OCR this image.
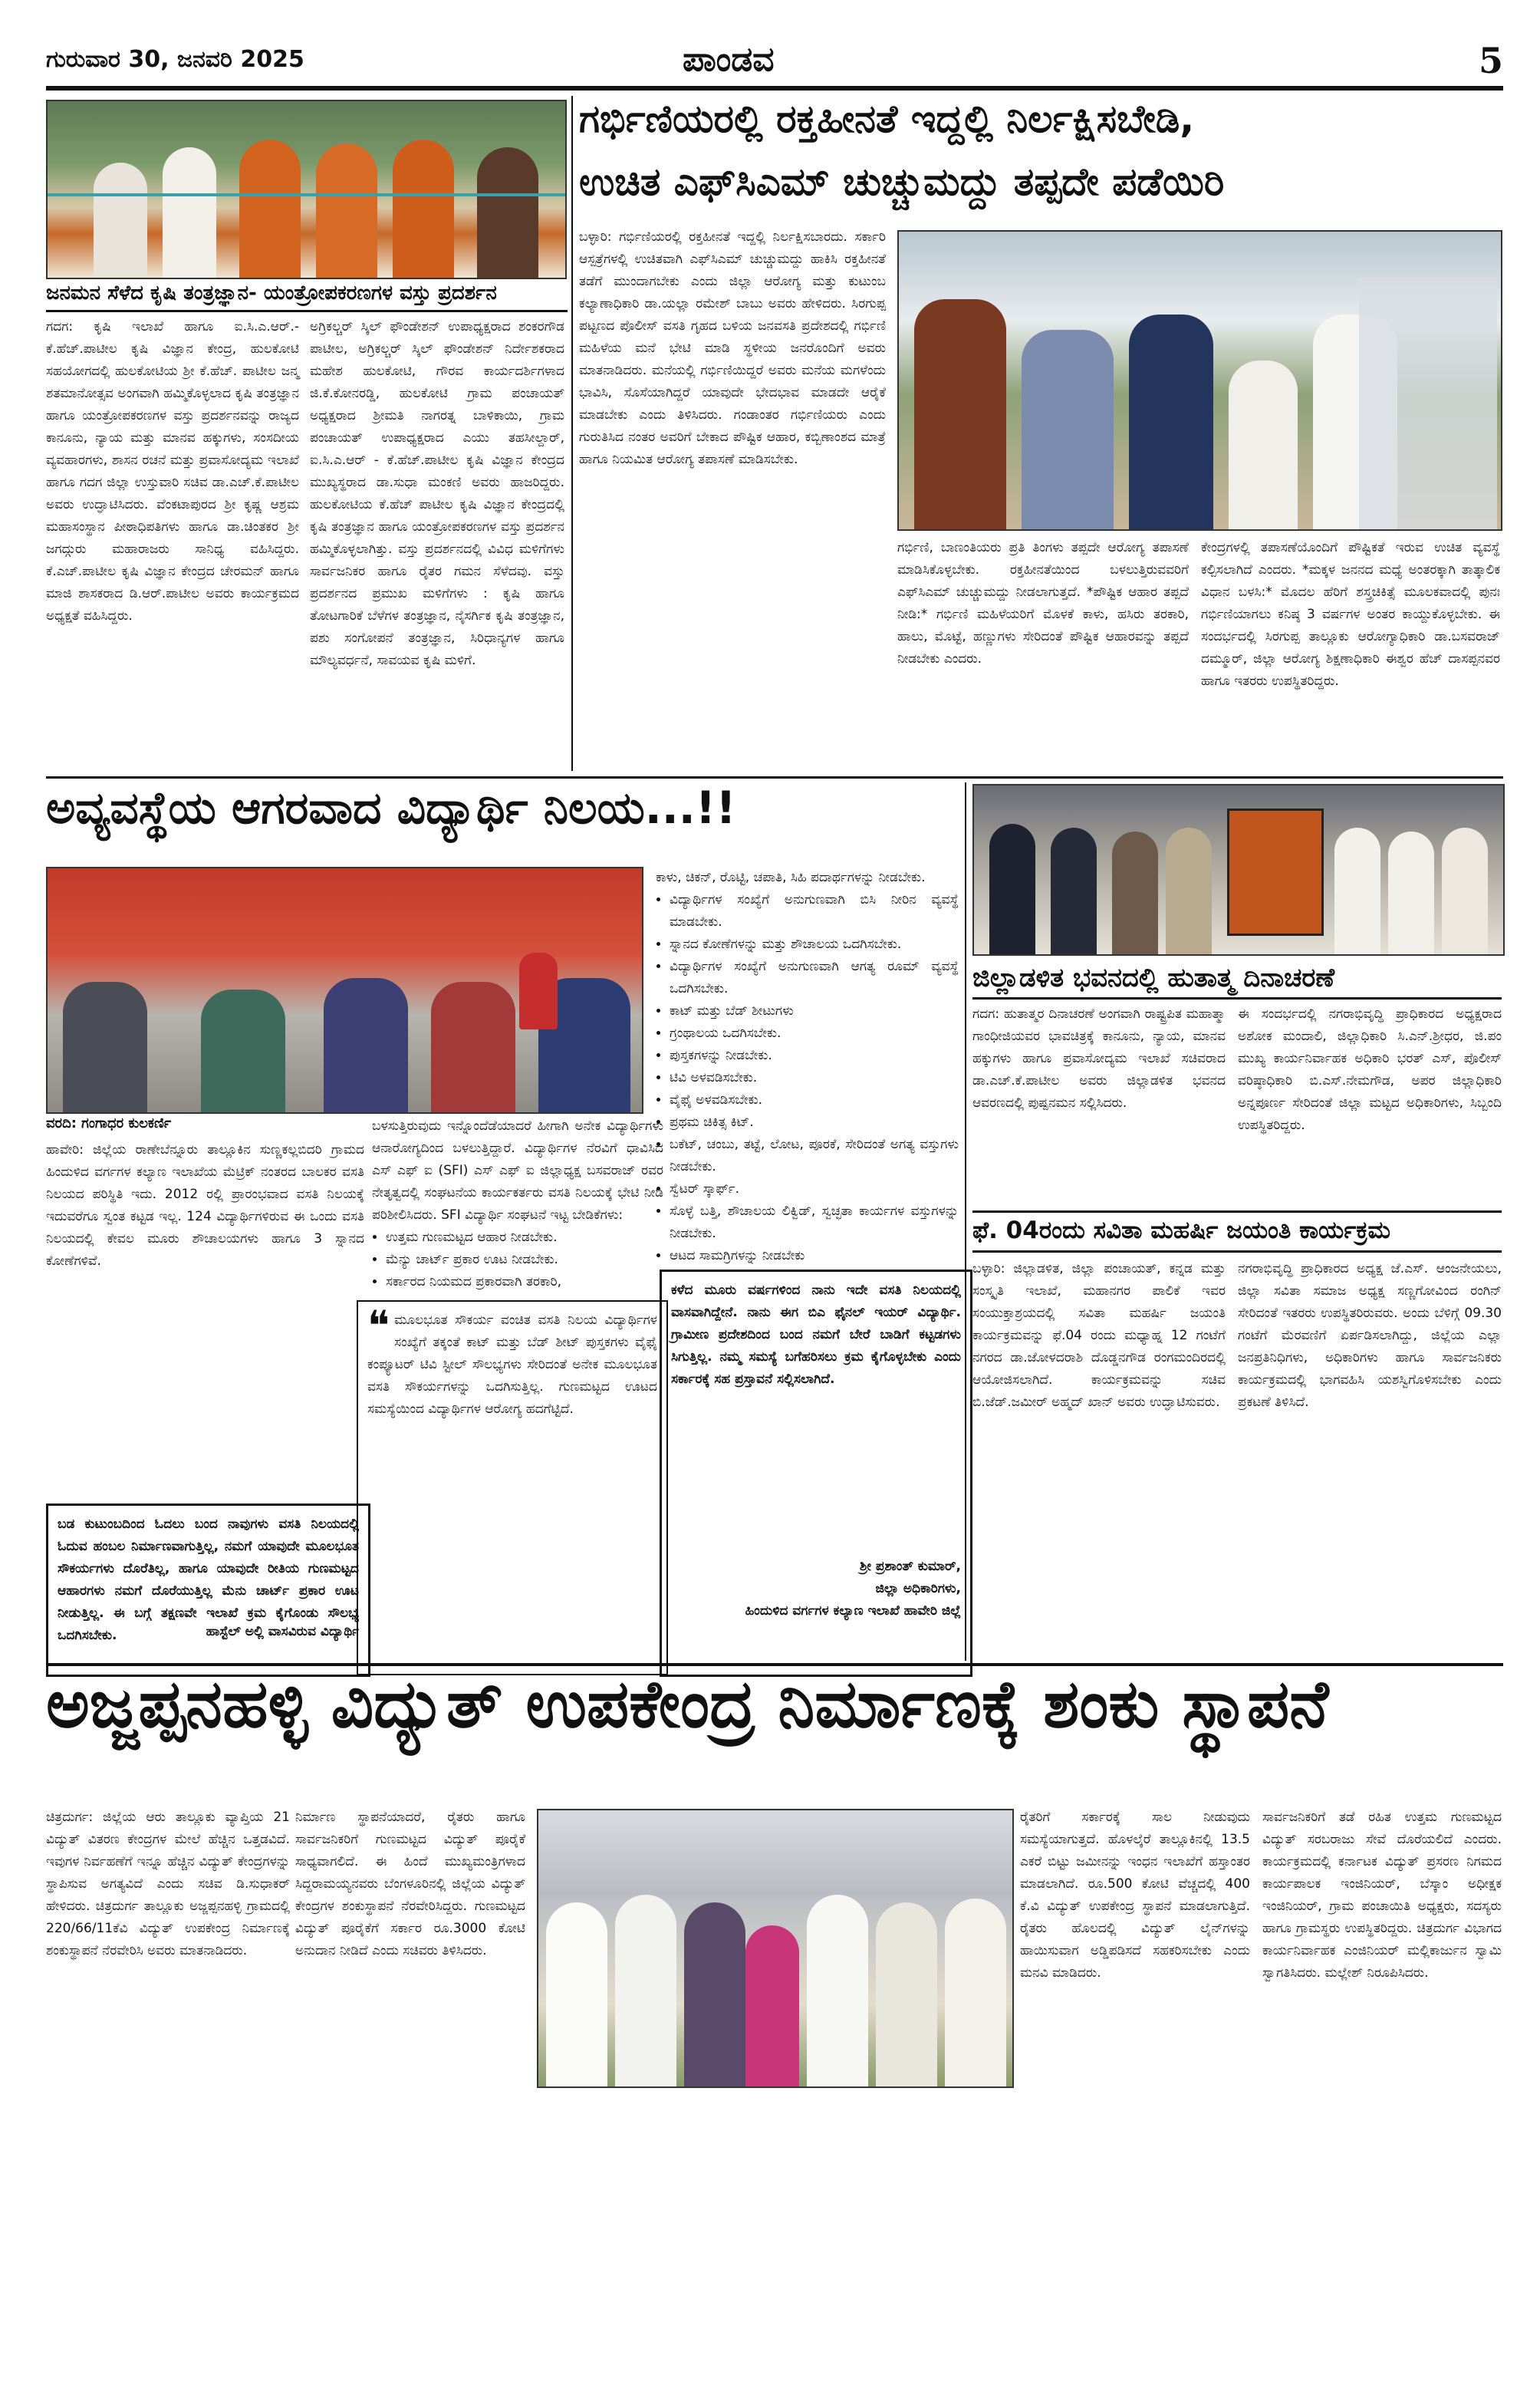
ಗುರುವಾರ 30, ಜನವರಿ 2025	ಪಾಂಡವ	5
ಜನಮನ ಸೆಳೆದ ಕೃಷಿ ತಂತ್ರಜ್ಞಾನ- ಯಂತ್ರೋಪಕರಣಗಳ ವಸ್ತು ಪ್ರದರ್ಶನ
ಗದಗ: ಕೃಷಿ ಇಲಾಖೆ ಹಾಗೂ ಐ.ಸಿ.ಎ.ಆರ್.- ಕೆ.ಹೆಚ್.ಪಾಟೀಲ ಕೃಷಿ ವಿಜ್ಞಾನ ಕೇಂದ್ರ, ಹುಲಕೋಟಿ ಸಹಯೋಗದಲ್ಲಿ ಹುಲಕೋಟಿಯ ಶ್ರೀ ಕೆ.ಹೆಚ್. ಪಾಟೀಲ ಜನ್ಮ ಶತಮಾನೋತ್ಸವ ಅಂಗವಾಗಿ ಹಮ್ಮಿಕೊಳ್ಳಲಾದ ಕೃಷಿ ತಂತ್ರಜ್ಞಾನ ಹಾಗೂ ಯಂತ್ರೋಪಕರಣಗಳ ವಸ್ತು ಪ್ರದರ್ಶನವನ್ನು ರಾಜ್ಯದ ಕಾನೂನು, ನ್ಯಾಯ ಮತ್ತು ಮಾನವ ಹಕ್ಕುಗಳು, ಸಂಸದೀಯ ವ್ಯವಹಾರಗಳು, ಶಾಸನ ರಚನೆ ಮತ್ತು ಪ್ರವಾಸೋದ್ಯಮ ಇಲಾಖೆ ಹಾಗೂ ಗದಗ ಜಿಲ್ಲಾ ಉಸ್ತುವಾರಿ ಸಚಿವ ಡಾ.ಎಚ್.ಕೆ.ಪಾಟೀಲ ಅವರು ಉದ್ಘಾಟಿಸಿದರು. ವೆಂಕಟಾಪುರದ ಶ್ರೀ ಕೃಷ್ಣ ಆಶ್ರಮ ಮಹಾಸಂಸ್ಥಾನ ಪೀಠಾಧಿಪತಿಗಳು ಹಾಗೂ ಡಾ.ಚಿಂತಕರ ಶ್ರೀ ಜಗದ್ಗುರು ಮಹಾರಾಜರು ಸಾನಿಧ್ಯ ವಹಿಸಿದ್ದರು. ಕೆ.ಎಚ್.ಪಾಟೀಲ ಕೃಷಿ ವಿಜ್ಞಾನ ಕೇಂದ್ರದ ಚೇರಮನ್ ಹಾಗೂ ಮಾಜಿ ಶಾಸಕರಾದ ಡಿ.ಆರ್.ಪಾಟೀಲ ಅವರು ಕಾರ್ಯಕ್ರಮದ ಅಧ್ಯಕ್ಷತೆ ವಹಿಸಿದ್ದರು.
ಅಗ್ರಿಕಲ್ಚರ್ ಸ್ಕಿಲ್ ಫೌಂಡೇಶನ್ ಉಪಾಧ್ಯಕ್ಷರಾದ ಶಂಕರಗೌಡ ಪಾಟೀಲ, ಅಗ್ರಿಕಲ್ಚರ್ ಸ್ಕಿಲ್ ಫೌಂಡೇಶನ್ ನಿರ್ದೇಶಕರಾದ ಮಹೇಶ ಹುಲಕೋಟಿ, ಗೌರವ ಕಾರ್ಯದರ್ಶಿಗಳಾದ ಜಿ.ಕೆ.ಕೋನರಡ್ಡಿ, ಹುಲಕೋಟಿ ಗ್ರಾಮ ಪಂಚಾಯತ್ ಅಧ್ಯಕ್ಷರಾದ ಶ್ರೀಮತಿ ನಾಗರತ್ನ ಬಾಳಿಕಾಯಿ, ಗ್ರಾಮ ಪಂಚಾಯತ್ ಉಪಾಧ್ಯಕ್ಷರಾದ ಎಯು ತಹಸೀಲ್ದಾರ್, ಐ.ಸಿ.ಎ.ಆರ್ - ಕೆ.ಹೆಚ್.ಪಾಟೀಲ ಕೃಷಿ ವಿಜ್ಞಾನ ಕೇಂದ್ರದ ಮುಖ್ಯಸ್ಥರಾದ ಡಾ.ಸುಧಾ ಮಂಕಣಿ ಅವರು ಹಾಜರಿದ್ದರು. ಹುಲಕೋಟಿಯ ಕೆ.ಹೆಚ್ ಪಾಟೀಲ ಕೃಷಿ ವಿಜ್ಞಾನ ಕೇಂದ್ರದಲ್ಲಿ ಕೃಷಿ ತಂತ್ರಜ್ಞಾನ ಹಾಗೂ ಯಂತ್ರೋಪಕರಣಗಳ ವಸ್ತು ಪ್ರದರ್ಶನ ಹಮ್ಮಿಕೊಳ್ಳಲಾಗಿತ್ತು. ವಸ್ತು ಪ್ರದರ್ಶನದಲ್ಲಿ ವಿವಿಧ ಮಳಿಗೆಗಳು ಸಾರ್ವಜನಿಕರ ಹಾಗೂ ರೈತರ ಗಮನ ಸೆಳೆದವು. ವಸ್ತು ಪ್ರದರ್ಶನದ ಪ್ರಮುಖ ಮಳಿಗೆಗಳು : ಕೃಷಿ ಹಾಗೂ ತೋಟಗಾರಿಕೆ ಬೆಳೆಗಳ ತಂತ್ರಜ್ಞಾನ, ನೈಸರ್ಗಿಕ ಕೃಷಿ ತಂತ್ರಜ್ಞಾನ, ಪಶು ಸಂಗೋಪನೆ ತಂತ್ರಜ್ಞಾನ, ಸಿರಿಧಾನ್ಯಗಳ ಹಾಗೂ ಮೌಲ್ಯವರ್ಧನೆ, ಸಾವಯವ ಕೃಷಿ ಮಳಿಗೆ.
ಗರ್ಭಿಣಿಯರಲ್ಲಿ ರಕ್ತಹೀನತೆ ಇದ್ದಲ್ಲಿ ನಿರ್ಲಕ್ಷಿಸಬೇಡಿ,
ಉಚಿತ ಎಫ್‌ಸಿಎಮ್ ಚುಚ್ಚುಮದ್ದು ತಪ್ಪದೇ ಪಡೆಯಿರಿ
ಬಳ್ಳಾರಿ: ಗರ್ಭಿಣಿಯರಲ್ಲಿ ರಕ್ತಹೀನತೆ ಇದ್ದಲ್ಲಿ ನಿರ್ಲಕ್ಷಿಸಬಾರದು. ಸರ್ಕಾರಿ ಆಸ್ಪತ್ರೆಗಳಲ್ಲಿ ಉಚಿತವಾಗಿ ಎಫ್‌ಸಿಎಮ್ ಚುಚ್ಚುಮದ್ದು ಹಾಕಿಸಿ ರಕ್ತಹೀನತೆ ತಡೆಗೆ ಮುಂದಾಗಬೇಕು ಎಂದು ಜಿಲ್ಲಾ ಆರೋಗ್ಯ ಮತ್ತು ಕುಟುಂಬ ಕಲ್ಯಾಣಾಧಿಕಾರಿ ಡಾ.ಯಲ್ಲಾ ರಮೇಶ್ ಬಾಬು ಅವರು ಹೇಳಿದರು. ಸಿರಗುಪ್ಪ ಪಟ್ಟಣದ ಪೊಲೀಸ್ ವಸತಿ ಗೃಹದ ಬಳಿಯ ಜನವಸತಿ ಪ್ರದೇಶದಲ್ಲಿ ಗರ್ಭಿಣಿ ಮಹಿಳೆಯ ಮನೆ ಭೇಟಿ ಮಾಡಿ ಸ್ಥಳೀಯ ಜನರೊಂದಿಗೆ ಅವರು ಮಾತನಾಡಿದರು. ಮನೆಯಲ್ಲಿ ಗರ್ಭಿಣಿಯಿದ್ದರೆ ಅವರು ಮನೆಯ ಮಗಳೆಂದು ಭಾವಿಸಿ, ಸೊಸೆಯಾಗಿದ್ದರೆ ಯಾವುದೇ ಭೇದಭಾವ ಮಾಡದೇ ಆರೈಕೆ ಮಾಡಬೇಕು ಎಂದು ತಿಳಿಸಿದರು. ಗಂಡಾಂತರ ಗರ್ಭಿಣಿಯರು ಎಂದು ಗುರುತಿಸಿದ ನಂತರ ಅವರಿಗೆ ಬೇಕಾದ ಪೌಷ್ಟಿಕ ಆಹಾರ, ಕಬ್ಬಿಣಾಂಶದ ಮಾತ್ರೆ ಹಾಗೂ ನಿಯಮಿತ ಆರೋಗ್ಯ ತಪಾಸಣೆ ಮಾಡಿಸಬೇಕು.
ಗರ್ಭಿಣಿ, ಬಾಣಂತಿಯರು ಪ್ರತಿ ತಿಂಗಳು ತಪ್ಪದೇ ಆರೋಗ್ಯ ತಪಾಸಣೆ ಮಾಡಿಸಿಕೊಳ್ಳಬೇಕು. ರಕ್ತಹೀನತೆಯಿಂದ ಬಳಲುತ್ತಿರುವವರಿಗೆ ಎಫ್‌ಸಿಎಮ್ ಚುಚ್ಚುಮದ್ದು ನೀಡಲಾಗುತ್ತದೆ. *ಪೌಷ್ಟಿಕ ಆಹಾರ ತಪ್ಪದೆ ನೀಡಿ:* ಗರ್ಭಿಣಿ ಮಹಿಳೆಯರಿಗೆ ಮೊಳಕೆ ಕಾಳು, ಹಸಿರು ತರಕಾರಿ, ಹಾಲು, ಮೊಟ್ಟೆ, ಹಣ್ಣುಗಳು ಸೇರಿದಂತೆ ಪೌಷ್ಟಿಕ ಆಹಾರವನ್ನು ತಪ್ಪದೆ ನೀಡಬೇಕು ಎಂದರು.
ಕೇಂದ್ರಗಳಲ್ಲಿ ತಪಾಸಣೆಯೊಂದಿಗೆ ಪೌಷ್ಟಿಕತೆ ಇರುವ ಉಚಿತ ವ್ಯವಸ್ಥೆ ಕಲ್ಪಿಸಲಾಗಿದೆ ಎಂದರು. *ಮಕ್ಕಳ ಜನನದ ಮಧ್ಯೆ ಅಂತರಕ್ಕಾಗಿ ತಾತ್ಕಾಲಿಕ ವಿಧಾನ ಬಳಸಿ:* ಮೊದಲ ಹೆರಿಗೆ ಶಸ್ತ್ರಚಿಕಿತ್ಸೆ ಮೂಲಕವಾದಲ್ಲಿ ಪುನಃ ಗರ್ಭಿಣಿಯಾಗಲು ಕನಿಷ್ಠ 3 ವರ್ಷಗಳ ಅಂತರ ಕಾಯ್ದುಕೊಳ್ಳಬೇಕು. ಈ ಸಂದರ್ಭದಲ್ಲಿ ಸಿರಗುಪ್ಪ ತಾಲ್ಲೂಕು ಆರೋಗ್ಯಾಧಿಕಾರಿ ಡಾ.ಬಸವರಾಜ್ ದಮ್ಮೂರ್, ಜಿಲ್ಲಾ ಆರೋಗ್ಯ ಶಿಕ್ಷಣಾಧಿಕಾರಿ ಈಶ್ವರ ಹೆಚ್ ದಾಸಪ್ಪನವರ ಹಾಗೂ ಇತರರು ಉಪಸ್ಥಿತರಿದ್ದರು.
ಅವ್ಯವಸ್ಥೆಯ ಆಗರವಾದ ವಿದ್ಯಾರ್ಥಿ ನಿಲಯ...!!
ವರದಿ: ಗಂಗಾಧರ ಕುಲಕರ್ಣಿ
ಹಾವೇರಿ: ಜಿಲ್ಲೆಯ ರಾಣೇಬೆನ್ನೂರು ತಾಲ್ಲೂಕಿನ ಸುಣ್ಣಕಲ್ಲಬಿದರಿ ಗ್ರಾಮದ ಹಿಂದುಳಿದ ವರ್ಗಗಳ ಕಲ್ಯಾಣ ಇಲಾಖೆಯ ಮೆಟ್ರಿಕ್ ನಂತರದ ಬಾಲಕರ ವಸತಿ ನಿಲಯದ ಪರಿಸ್ಥಿತಿ ಇದು. 2012 ರಲ್ಲಿ ಪ್ರಾರಂಭವಾದ ವಸತಿ ನಿಲಯಕ್ಕೆ ಇದುವರೆಗೂ ಸ್ವಂತ ಕಟ್ಟಡ ಇಲ್ಲ. 124 ವಿದ್ಯಾರ್ಥಿಗಳಿರುವ ಈ ಒಂದು ವಸತಿ ನಿಲಯದಲ್ಲಿ ಕೇವಲ ಮೂರು ಶೌಚಾಲಯಗಳು ಹಾಗೂ 3 ಸ್ನಾನದ ಕೋಣೆಗಳಿವೆ.
ಬಳಸುತ್ತಿರುವುದು ಇನ್ನೊಂದೆಡೆಯಾದರೆ ಹೀಗಾಗಿ ಅನೇಕ ವಿದ್ಯಾರ್ಥಿಗಳು ಆನಾರೋಗ್ಯದಿಂದ ಬಳಲುತ್ತಿದ್ದಾರೆ. ವಿದ್ಯಾರ್ಥಿಗಳ ನೆರವಿಗೆ ಧಾವಿಸಿದ ಎಸ್ ಎಫ್ ಐ (SFI) ಎಸ್ ಎಫ್ ಐ ಜಿಲ್ಲಾಧ್ಯಕ್ಷ ಬಸವರಾಜ್ ರವರ ನೇತೃತ್ವದಲ್ಲಿ ಸಂಘಟನೆಯ ಕಾರ್ಯಕರ್ತರು ವಸತಿ ನಿಲಯಕ್ಕೆ ಭೇಟಿ ನೀಡಿ ಪರಿಶೀಲಿಸಿದರು. SFI ವಿದ್ಯಾರ್ಥಿ ಸಂಘಟನೆ ಇಟ್ಟ ಬೇಡಿಕೆಗಳು:
• ಉತ್ತಮ ಗುಣಮಟ್ಟದ ಆಹಾರ ನೀಡಬೇಕು.
• ಮೆನ್ಯು ಚಾರ್ಟ್ ಪ್ರಕಾರ ಊಟ ನೀಡಬೇಕು.
• ಸರ್ಕಾರದ ನಿಯಮದ ಪ್ರಕಾರವಾಗಿ ತರಕಾರಿ,
ಕಾಳು, ಚಿಕನ್, ರೊಟ್ಟಿ, ಚಪಾತಿ, ಸಿಹಿ ಪದಾರ್ಥಗಳನ್ನು ನೀಡಬೇಕು.
• ವಿದ್ಯಾರ್ಥಿಗಳ ಸಂಖ್ಯೆಗೆ ಅನುಗುಣವಾಗಿ ಬಿಸಿ ನೀರಿನ ವ್ಯವಸ್ಥೆ ಮಾಡಬೇಕು.
• ಸ್ನಾನದ ಕೋಣೆಗಳನ್ನು ಮತ್ತು ಶೌಚಾಲಯ ಒದಗಿಸಬೇಕು.
• ವಿದ್ಯಾರ್ಥಿಗಳ ಸಂಖ್ಯೆಗೆ ಅನುಗುಣವಾಗಿ ಆಗತ್ಯ ರೂಮ್ ವ್ಯವಸ್ಥೆ ಒದಗಿಸಬೇಕು.
• ಕಾಟ್ ಮತ್ತು ಬೆಡ್ ಶೀಟುಗಳು
• ಗ್ರಂಥಾಲಯ ಒದಗಿಸಬೇಕು.
• ಪುಸ್ತಕಗಳನ್ನು ನೀಡಬೇಕು.
• ಟಿವಿ ಅಳವಡಿಸಬೇಕು.
• ವೈಫೈ ಅಳವಡಿಸಬೇಕು.
• ಪ್ರಥಮ ಚಿಕಿತ್ಸ ಕಿಟ್.
• ಬಕೆಟ್, ಚಂಬು, ತಟ್ಟೆ, ಲೋಟ, ಪೂರಕೆ, ಸೇರಿದಂತೆ ಅಗತ್ಯ ವಸ್ತುಗಳು ನೀಡಬೇಕು.
• ಸ್ವೆಟರ್ ಸ್ಕಾರ್ಫ್.
• ಸೊಳ್ಳೆ ಬತ್ತಿ, ಶೌಚಾಲಯ ಲಿಕ್ವಿಡ್, ಸ್ವಚ್ಛತಾ ಕಾರ್ಯಗಳ ವಸ್ತುಗಳನ್ನು ನೀಡಬೇಕು.
• ಆಟದ ಸಾಮಗ್ರಿಗಳನ್ನು ನೀಡಬೇಕು
ಬಡ ಕುಟುಂಬದಿಂದ ಓದಲು ಬಂದ ನಾವುಗಳು ವಸತಿ ನಿಲಯದಲ್ಲಿ ಓದುವ ಹಂಬಲ ನಿರ್ಮಾಣವಾಗುತ್ತಿಲ್ಲ, ನಮಗೆ ಯಾವುದೇ ಮೂಲಭೂತ ಸೌಕರ್ಯಗಳು ದೊರೆತಿಲ್ಲ, ಹಾಗೂ ಯಾವುದೇ ರೀತಿಯ ಗುಣಮಟ್ಟದ ಆಹಾರಗಳು ನಮಗೆ ದೊರೆಯುತ್ತಿಲ್ಲ ಮೆನು ಚಾರ್ಟ್ ಪ್ರಕಾರ ಊಟ ನೀಡುತ್ತಿಲ್ಲ. ಈ ಬಗ್ಗೆ ತಕ್ಷಣವೇ ಇಲಾಖೆ ಕ್ರಮ ಕೈಗೊಂಡು ಸೌಲಭ್ಯ ಒದಗಿಸಬೇಕು.	ಹಾಸ್ಟೆಲ್ ಅಲ್ಲಿ ವಾಸವಿರುವ ವಿದ್ಯಾರ್ಥಿ
❝ ಮೂಲಭೂತ ಸೌಕರ್ಯ ವಂಚಿತ ವಸತಿ ನಿಲಯ ವಿದ್ಯಾರ್ಥಿಗಳ ಸಂಖ್ಯೆಗೆ ತಕ್ಕಂತೆ ಕಾಟ್ ಮತ್ತು ಬೆಡ್ ಶೀಟ್ ಪುಸ್ತಕಗಳು ವೈಫೈ ಕಂಪ್ಯೂಟರ್ ಟಿವಿ ಸ್ಟೀಲ್ ಸೌಲಭ್ಯಗಳು ಸೇರಿದಂತೆ ಅನೇಕ ಮೂಲಭೂತ ವಸತಿ ಸೌಕರ್ಯಗಳನ್ನು ಒದಗಿಸುತ್ತಿಲ್ಲ. ಗುಣಮಟ್ಟದ ಊಟದ ಸಮಸ್ಯೆಯಿಂದ ವಿದ್ಯಾರ್ಥಿಗಳ ಆರೋಗ್ಯ ಹದಗೆಟ್ಟಿದೆ.
ಕಳೆದ ಮೂರು ವರ್ಷಗಳಿಂದ ನಾನು ಇದೇ ವಸತಿ ನಿಲಯದಲ್ಲಿ ವಾಸವಾಗಿದ್ದೇನೆ. ನಾನು ಈಗ ಬಿಎ ಫೈನಲ್ ಇಯರ್ ವಿದ್ಯಾರ್ಥಿ. ಗ್ರಾಮೀಣ ಪ್ರದೇಶದಿಂದ ಬಂದ ನಮಗೆ ಬೇರೆ ಬಾಡಿಗೆ ಕಟ್ಟಡಗಳು ಸಿಗುತ್ತಿಲ್ಲ. ನಮ್ಮ ಸಮಸ್ಯೆ ಬಗೆಹರಿಸಲು ಕ್ರಮ ಕೈಗೊಳ್ಳಬೇಕು ಎಂದು ಸರ್ಕಾರಕ್ಕೆ ಸಹ ಪ್ರಸ್ತಾವನೆ ಸಲ್ಲಿಸಲಾಗಿದೆ.
ಶ್ರೀ ಪ್ರಶಾಂತ್ ಕುಮಾರ್,
ಜಿಲ್ಲಾ ಅಧಿಕಾರಿಗಳು,
ಹಿಂದುಳಿದ ವರ್ಗಗಳ ಕಲ್ಯಾಣ ಇಲಾಖೆ ಹಾವೇರಿ ಜಿಲ್ಲೆ
ಜಿಲ್ಲಾಡಳಿತ ಭವನದಲ್ಲಿ ಹುತಾತ್ಮ ದಿನಾಚರಣೆ
ಗದಗ: ಹುತಾತ್ಮರ ದಿನಾಚರಣೆ ಅಂಗವಾಗಿ ರಾಷ್ಟ್ರಪಿತ ಮಹಾತ್ಮಾ ಗಾಂಧೀಜಿಯವರ ಭಾವಚಿತ್ರಕ್ಕೆ ಕಾನೂನು, ನ್ಯಾಯ, ಮಾನವ ಹಕ್ಕುಗಳು ಹಾಗೂ ಪ್ರವಾಸೋದ್ಯಮ ಇಲಾಖೆ ಸಚಿವರಾದ ಡಾ.ಎಚ್.ಕೆ.ಪಾಟೀಲ ಅವರು ಜಿಲ್ಲಾಡಳಿತ ಭವನದ ಆವರಣದಲ್ಲಿ ಪುಷ್ಪನಮನ ಸಲ್ಲಿಸಿದರು.
ಈ ಸಂದರ್ಭದಲ್ಲಿ ನಗರಾಭಿವೃದ್ಧಿ ಪ್ರಾಧಿಕಾರದ ಅಧ್ಯಕ್ಷರಾದ ಅಶೋಕ ಮಂದಾಲಿ, ಜಿಲ್ಲಾಧಿಕಾರಿ ಸಿ.ಎನ್.ಶ್ರೀಧರ, ಜಿ.ಪಂ ಮುಖ್ಯ ಕಾರ್ಯನಿರ್ವಾಹಕ ಅಧಿಕಾರಿ ಭರತ್ ಎಸ್, ಪೊಲೀಸ್ ವರಿಷ್ಠಾಧಿಕಾರಿ ಬಿ.ಎಸ್.ನೇಮಗೌಡ, ಅಪರ ಜಿಲ್ಲಾಧಿಕಾರಿ ಅನ್ನಪೂರ್ಣ ಸೇರಿದಂತೆ ಜಿಲ್ಲಾ ಮಟ್ಟದ ಅಧಿಕಾರಿಗಳು, ಸಿಬ್ಬಂದಿ ಉಪಸ್ಥಿತರಿದ್ದರು.
ಫೆ. 04ರಂದು ಸವಿತಾ ಮಹರ್ಷಿ ಜಯಂತಿ ಕಾರ್ಯಕ್ರಮ
ಬಳ್ಳಾರಿ: ಜಿಲ್ಲಾಡಳಿತ, ಜಿಲ್ಲಾ ಪಂಚಾಯತ್, ಕನ್ನಡ ಮತ್ತು ಸಂಸ್ಕೃತಿ ಇಲಾಖೆ, ಮಹಾನಗರ ಪಾಲಿಕೆ ಇವರ ಸಂಯುಕ್ತಾಶ್ರಯದಲ್ಲಿ ಸವಿತಾ ಮಹರ್ಷಿ ಜಯಂತಿ ಕಾರ್ಯಕ್ರಮವನ್ನು ಫೆ.04 ರಂದು ಮಧ್ಯಾಹ್ನ 12 ಗಂಟೆಗೆ ನಗರದ ಡಾ.ಜೋಳದರಾಶಿ ದೊಡ್ಡನಗೌಡ ರಂಗಮಂದಿರದಲ್ಲಿ ಆಯೋಜಿಸಲಾಗಿದೆ. ಕಾರ್ಯಕ್ರಮವನ್ನು ಸಚಿವ ಬಿ.ಜೆಡ್.ಜಮೀರ್ ಅಹ್ಮದ್ ಖಾನ್ ಅವರು ಉದ್ಘಾಟಿಸುವರು.
ನಗರಾಭಿವೃದ್ಧಿ ಪ್ರಾಧಿಕಾರದ ಅಧ್ಯಕ್ಷ ಜೆ.ಎಸ್. ಆಂಜನೇಯಲು, ಜಿಲ್ಲಾ ಸವಿತಾ ಸಮಾಜ ಅಧ್ಯಕ್ಷ ಸಣ್ಣಗೋವಿಂದ ರಂಗಿನ್ ಸೇರಿದಂತೆ ಇತರರು ಉಪಸ್ಥಿತರಿರುವರು. ಅಂದು ಬೆಳಿಗ್ಗೆ 09.30 ಗಂಟೆಗೆ ಮೆರವಣಿಗೆ ಏರ್ಪಡಿಸಲಾಗಿದ್ದು, ಜಿಲ್ಲೆಯ ಎಲ್ಲಾ ಜನಪ್ರತಿನಿಧಿಗಳು, ಅಧಿಕಾರಿಗಳು ಹಾಗೂ ಸಾರ್ವಜನಿಕರು ಕಾರ್ಯಕ್ರಮದಲ್ಲಿ ಭಾಗವಹಿಸಿ ಯಶಸ್ವಿಗೊಳಿಸಬೇಕು ಎಂದು ಪ್ರಕಟಣೆ ತಿಳಿಸಿದೆ.
ಅಜ್ಜಪ್ಪನಹಳ್ಳಿ ವಿದ್ಯುತ್ ಉಪಕೇಂದ್ರ ನಿರ್ಮಾಣಕ್ಕೆ ಶಂಕು ಸ್ಥಾಪನೆ
ಚಿತ್ರದುರ್ಗ: ಜಿಲ್ಲೆಯ ಆರು ತಾಲ್ಲೂಕು ವ್ಯಾಪ್ತಿಯ 21 ವಿದ್ಯುತ್ ವಿತರಣ ಕೇಂದ್ರಗಳ ಮೇಲೆ ಹೆಚ್ಚಿನ ಒತ್ತಡವಿದೆ. ಇವುಗಳ ನಿರ್ವಹಣೆಗೆ ಇನ್ನೂ ಹೆಚ್ಚಿನ ವಿದ್ಯುತ್ ಕೇಂದ್ರಗಳನ್ನು ಸ್ಥಾಪಿಸುವ ಅಗತ್ಯವಿದೆ ಎಂದು ಸಚಿವ ಡಿ.ಸುಧಾಕರ್ ಹೇಳಿದರು. ಚಿತ್ರದುರ್ಗ ತಾಲ್ಲೂಕು ಅಜ್ಜಪ್ಪನಹಳ್ಳಿ ಗ್ರಾಮದಲ್ಲಿ 220/66/11ಕೆವಿ ವಿದ್ಯುತ್ ಉಪಕೇಂದ್ರ ನಿರ್ಮಾಣಕ್ಕೆ ಶಂಕುಸ್ಥಾಪನೆ ನೆರವೇರಿಸಿ ಅವರು ಮಾತನಾಡಿದರು.
ನಿರ್ಮಾಣ ಸ್ಥಾಪನೆಯಾದರೆ, ರೈತರು ಹಾಗೂ ಸಾರ್ವಜನಿಕರಿಗೆ ಗುಣಮಟ್ಟದ ವಿದ್ಯುತ್ ಪೂರೈಕೆ ಸಾಧ್ಯವಾಗಲಿದೆ. ಈ ಹಿಂದೆ ಮುಖ್ಯಮಂತ್ರಿಗಳಾದ ಸಿದ್ದರಾಮಯ್ಯನವರು ಬೆಂಗಳೂರಿನಲ್ಲಿ ಜಿಲ್ಲೆಯ ವಿದ್ಯುತ್ ಕೇಂದ್ರಗಳ ಶಂಕುಸ್ಥಾಪನೆ ನೆರವೇರಿಸಿದ್ದರು. ಗುಣಮಟ್ಟದ ವಿದ್ಯುತ್ ಪೂರೈಕೆಗೆ ಸರ್ಕಾರ ರೂ.3000 ಕೋಟಿ ಅನುದಾನ ನೀಡಿದೆ ಎಂದು ಸಚಿವರು ತಿಳಿಸಿದರು.
ರೈತರಿಗೆ ಸರ್ಕಾರಕ್ಕೆ ಸಾಲ ನೀಡುವುದು ಸಮಸ್ಯೆಯಾಗುತ್ತದೆ. ಹೊಳಲ್ಕೆರೆ ತಾಲ್ಲೂಕಿನಲ್ಲಿ 13.5 ಎಕರೆ ಬಿಟ್ಟು ಜಮೀನನ್ನು ಇಂಧನ ಇಲಾಖೆಗೆ ಹಸ್ತಾಂತರ ಮಾಡಲಾಗಿದೆ. ರೂ.500 ಕೋಟಿ ವೆಚ್ಚದಲ್ಲಿ 400 ಕೆ.ವಿ ವಿದ್ಯುತ್ ಉಪಕೇಂದ್ರ ಸ್ಥಾಪನೆ ಮಾಡಲಾಗುತ್ತಿದೆ. ರೈತರು ಹೊಲದಲ್ಲಿ ವಿದ್ಯುತ್ ಲೈನ್‌ಗಳನ್ನು ಹಾಯಿಸುವಾಗ ಅಡ್ಡಿಪಡಿಸದೆ ಸಹಕರಿಸಬೇಕು ಎಂದು ಮನವಿ ಮಾಡಿದರು.
ಸಾರ್ವಜನಿಕರಿಗೆ ತಡೆ ರಹಿತ ಉತ್ತಮ ಗುಣಮಟ್ಟದ ವಿದ್ಯುತ್ ಸರಬರಾಜು ಸೇವೆ ದೊರೆಯಲಿದೆ ಎಂದರು. ಕಾರ್ಯಕ್ರಮದಲ್ಲಿ ಕರ್ನಾಟಕ ವಿದ್ಯುತ್ ಪ್ರಸರಣ ನಿಗಮದ ಕಾರ್ಯಪಾಲಕ ಇಂಜಿನಿಯರ್, ಬೆಸ್ಕಾಂ ಅಧೀಕ್ಷಕ ಇಂಜಿನಿಯರ್, ಗ್ರಾಮ ಪಂಚಾಯಿತಿ ಅಧ್ಯಕ್ಷರು, ಸದಸ್ಯರು ಹಾಗೂ ಗ್ರಾಮಸ್ಥರು ಉಪಸ್ಥಿತರಿದ್ದರು. ಚಿತ್ರದುರ್ಗ ವಿಭಾಗದ ಕಾರ್ಯನಿರ್ವಾಹಕ ಎಂಜಿನಿಯರ್ ಮಲ್ಲಿಕಾರ್ಜುನ ಸ್ವಾಮಿ ಸ್ವಾಗತಿಸಿದರು. ಮಲ್ಲೇಶ್ ನಿರೂಪಿಸಿದರು.
